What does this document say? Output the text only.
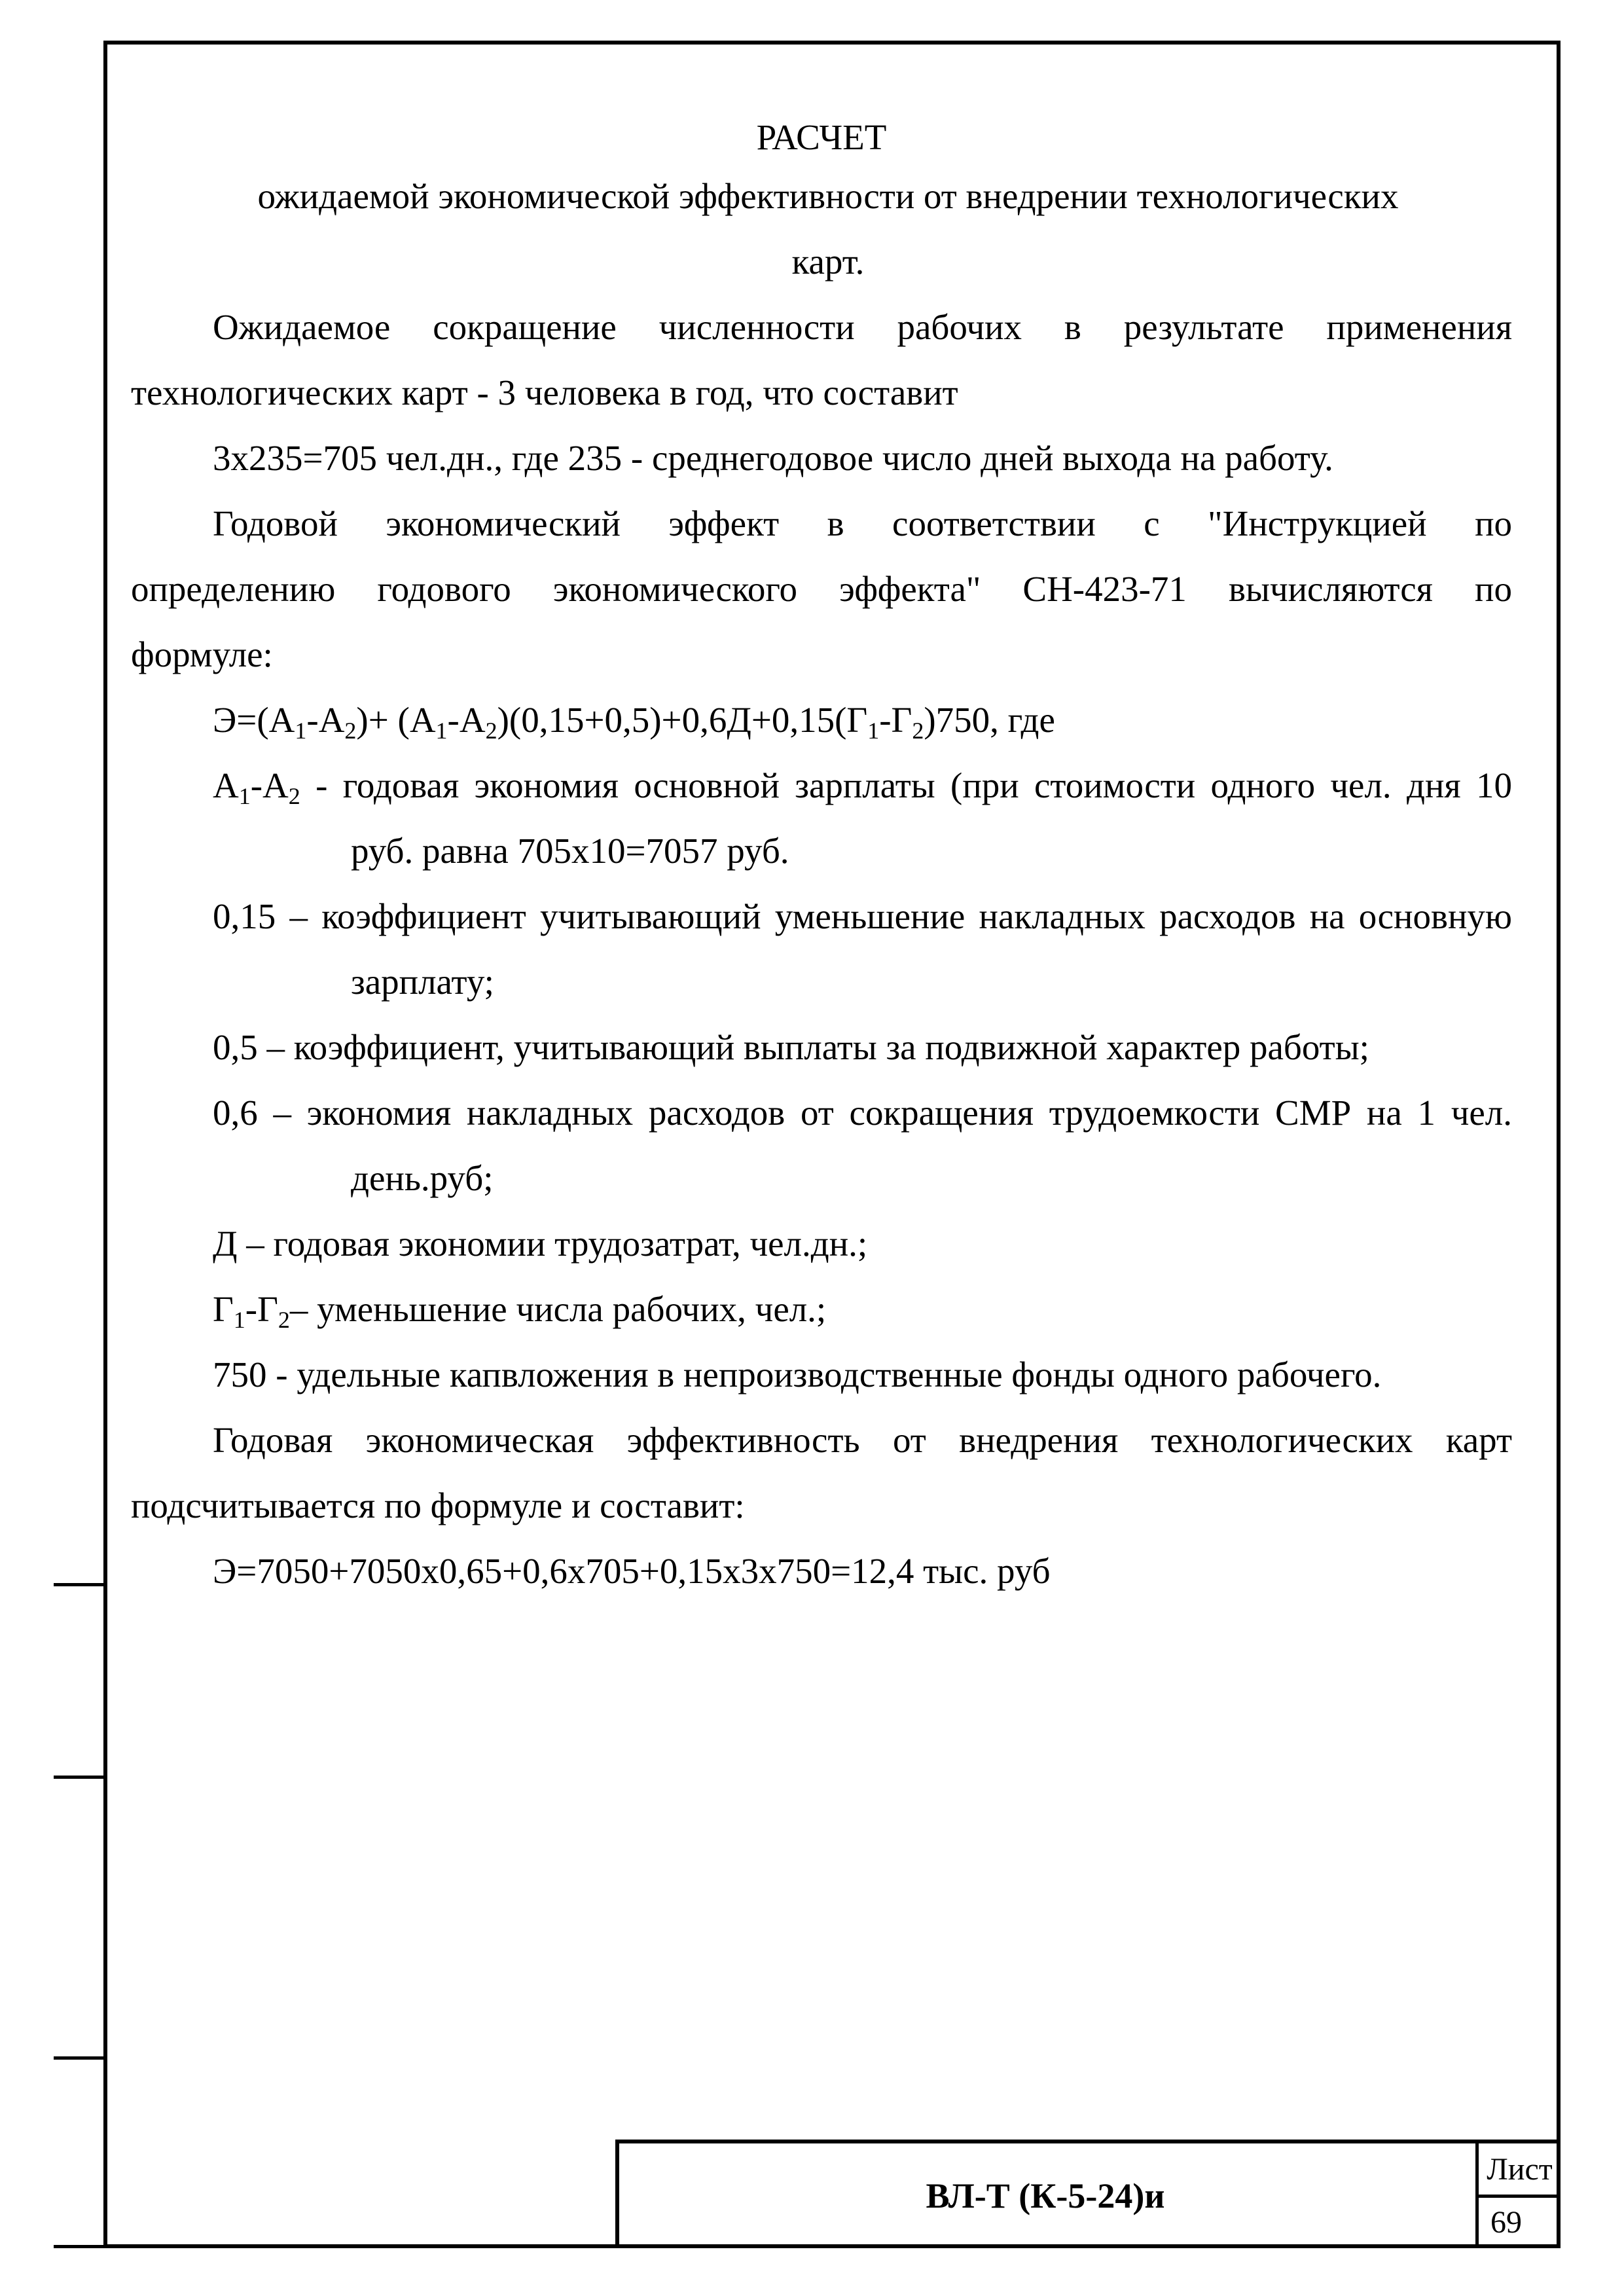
РАСЧЕТ

ожидаемой экономической эффективности от внедрении технологических

карт.

Ожидаемое сокращение численности рабочих в результате применения

технологических карт - 3 человека в год, что составит

3х235=705 чел.дн., где 235 - среднегодовое число дней выхода на работу.

Годовой экономический эффект в соответствии с "Инструкцией по

определению годового экономического эффекта" СН-423-71 вычисляются по

формуле:

$Э=(А_1-А_2)+ (А_1-А_2)(0,15+0,5)+0,6Д+0,15(Г_1-Г_2)750$, где

$А_1-А_2$ - годовая экономия основной зарплаты (при стоимости одного чел. дня 10 руб. равна 705х10=7057 руб.

0,15 – коэффициент учитывающий уменьшение накладных расходов на основную зарплату;

0,5 – коэффициент, учитывающий выплаты за подвижной характер работы;

0,6 – экономия накладных расходов от сокращения трудоемкости СМР на 1 чел. день.руб;

Д – годовая экономии трудозатрат, чел.дн.;

$Г_1-Г_2-$ уменьшение числа рабочих, чел.;

750 - удельные капвложения в непроизводственные фонды одного рабочего.

Годовая экономическая эффективность от внедрения технологических карт

подсчитывается по формуле и составит:

Э=7050+7050х0,65+0,6х705+0,15х3х750=12,4 тыс. руб

ВЛ-Т (К-5-24)и
Лист
69
